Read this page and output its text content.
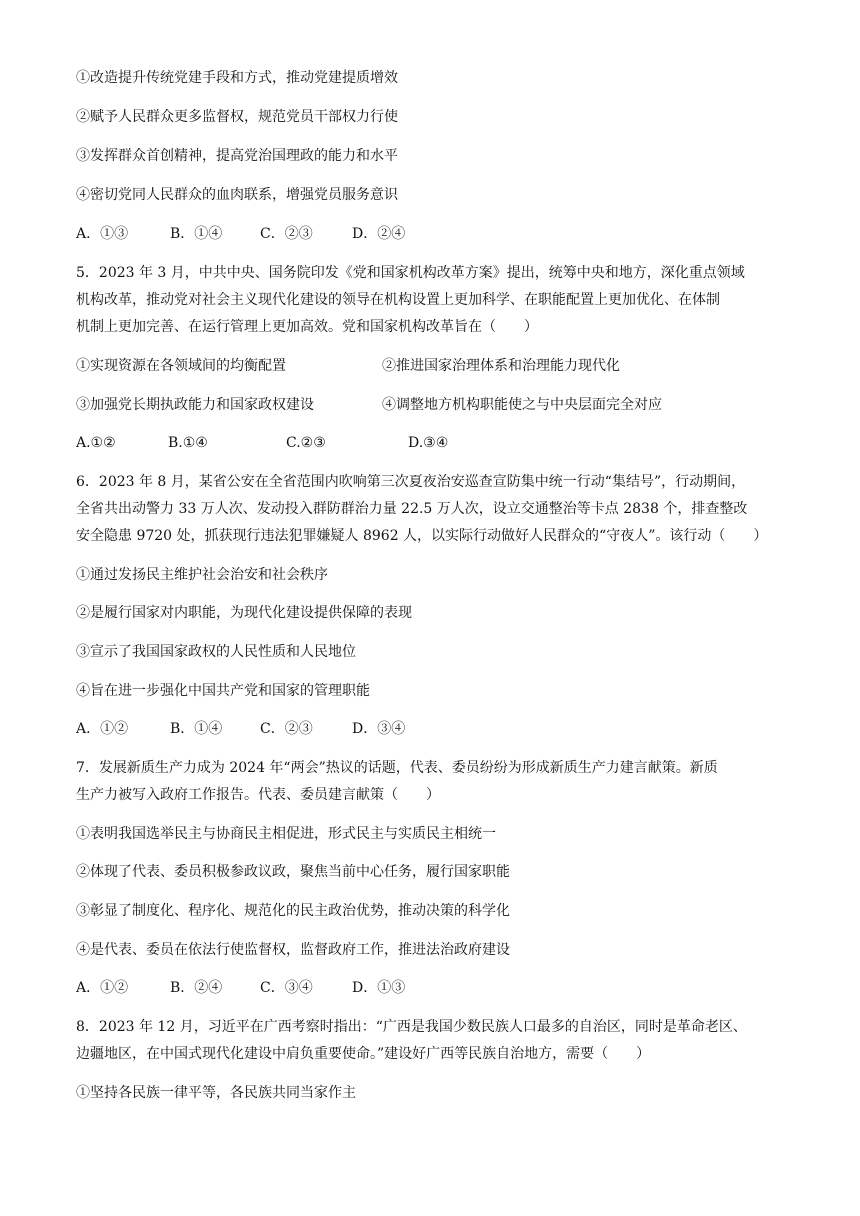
①改造提升传统党建手段和方式，推动党建提质增效
②赋予人民群众更多监督权，规范党员干部权力行使
③发挥群众首创精神，提高党治国理政的能力和水平
④密切党同人民群众的血肉联系，增强党员服务意识
A．①③	B．①④	C．②③	D．②④
5．2023 年 3 月，中共中央、国务院印发《党和国家机构改革方案》提出，统筹中央和地方，深化重点领域
机构改革，推动党对社会主义现代化建设的领导在机构设置上更加科学、在职能配置上更加优化、在体制
机制上更加完善、在运行管理上更加高效。党和国家机构改革旨在（　　）
①实现资源在各领域间的均衡配置	②推进国家治理体系和治理能力现代化
③加强党长期执政能力和国家政权建设	④调整地方机构职能使之与中央层面完全对应
A.①②	B.①④	C.②③	D.③④
6．2023 年 8 月，某省公安在全省范围内吹响第三次夏夜治安巡查宣防集中统一行动“集结号”，行动期间，
全省共出动警力 33 万人次、发动投入群防群治力量 22.5 万人次，设立交通整治等卡点 2838 个，排查整改
安全隐患 9720 处，抓获现行违法犯罪嫌疑人 8962 人，以实际行动做好人民群众的“守夜人”。该行动（　　）
①通过发扬民主维护社会治安和社会秩序
②是履行国家对内职能，为现代化建设提供保障的表现
③宣示了我国国家政权的人民性质和人民地位
④旨在进一步强化中国共产党和国家的管理职能
A．①②	B．①④	C．②③	D．③④
7．发展新质生产力成为 2024 年“两会”热议的话题，代表、委员纷纷为形成新质生产力建言献策。新质
生产力被写入政府工作报告。代表、委员建言献策（　　）
①表明我国选举民主与协商民主相促进，形式民主与实质民主相统一
②体现了代表、委员积极参政议政，聚焦当前中心任务，履行国家职能
③彰显了制度化、程序化、规范化的民主政治优势，推动决策的科学化
④是代表、委员在依法行使监督权，监督政府工作，推进法治政府建设
A．①②	B．②④	C．③④	D．①③
8．2023 年 12 月，习近平在广西考察时指出：“广西是我国少数民族人口最多的自治区，同时是革命老区、
边疆地区，在中国式现代化建设中肩负重要使命。”建设好广西等民族自治地方，需要（　　）
①坚持各民族一律平等，各民族共同当家作主
